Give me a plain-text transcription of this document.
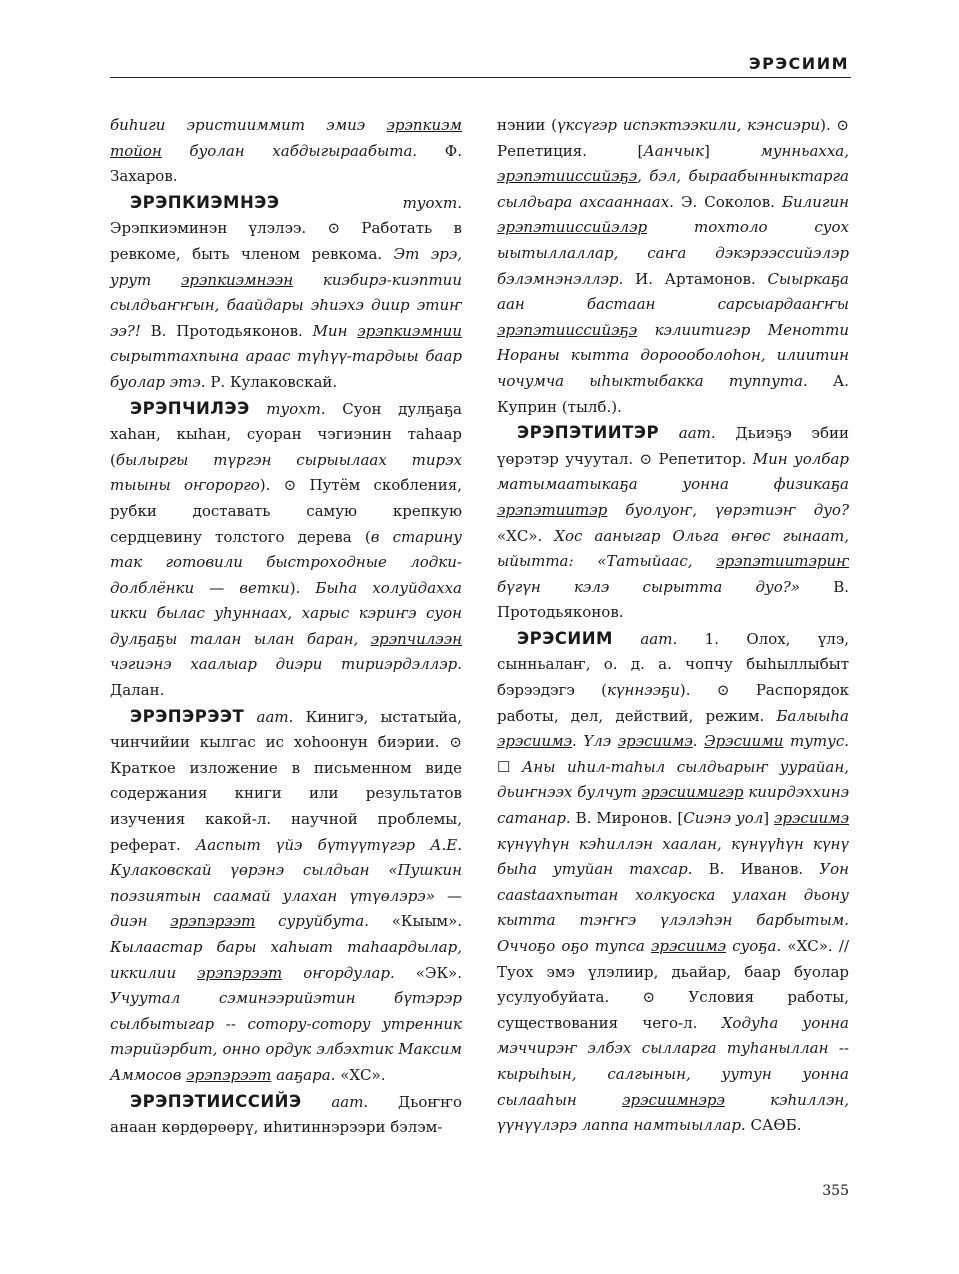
ЭРЭСИИМ

биhиги эристииммит эмиэ эрэпкиэм тойон буолан хабдыгыраабыта. Ф. Захаров.

ЭРЭПКИЭМНЭЭ туохт. Эрэпкиэминэн үлэлээ. ⊙ Работать в ревкоме, быть членом ревкома. Эт эрэ, урут эрэпкиэмнээн киэбирэ-киэптии сылдьаҥҥын, баайдары эhиэхэ диир этиҥ ээ?! В. Протодьяконов. Мин эрэпкиэмнии сырыттахпына араас түhүү-тардыы баар буолар этэ. Ρ. Кулаковскай.

ЭРЭПЧИЛЭЭ туохт. Суон дулҕаҕа хаhан, кыhан, суоран чэгиэнин таhаар (былыргы түргэн сырыылаах тирэх тыыны оҥорорго). ⊙ Путём скобления, рубки доставать самую крепкую сердцевину толстого дерева (в старину так готовили быстроходные лодки-долблёнки — ветки). Быhа холуйдахха икки былас уhуннаах, харыс кэриҥэ суон дулҕаҕы талан ылан баран, эрэпчилээн чэгиэнэ хаалыар диэри тириэрдэллэр. Далан.

ЭРЭПЭРЭЭТ аат. Кинигэ, ыстатыйа, чинчийии кылгас ис хоhоонун биэрии. ⊙ Краткое изложение в письменном виде содержания книги или результатов изучения какой-л. научной проблемы, реферат. Ааспыт үйэ бүтүүтүгэр А.Е. Кулаковскай үөрэнэ сылдьан «Пушкин поэзиятын саамай улахан үтүөлэрэ» — диэн эрэпэрээт суруйбута. «Кыым». Кылаастар бары хаhыат таhаардылар, иккилии эрэпэрээт оҥордулар. «ЭК». Учуутал сэминээрийэтин бүтэрэр сылбытыгар -- сотору-сотору утренник тэрийэрбит, онно ордук элбэхтик Максим Аммосов эрэпэрээт ааҕара. «ХС».

ЭРЭПЭТИИССИЙЭ аат. Дьоҥҥо анаан көрдөрөөрү, иhитиннэрээри бэлэм-

нэнии (үксүгэр испэктээкили, кэнсиэри). ⊙ Репетиция. [Аанчык] мунньахха, эрэпэтииссийэҕэ, бэл, быраабынныктарга сылдьара ахсааннаах. Э. Соколов. Билигин эрэпэтииссийэлэр тохтоло суох ыытыллаллар, саҥа дэкэрээссийэлэр бэлэмнэнэллэр. И. Артамонов. Сыыркаҕа аан бастаан сарсыардааҥҥы эрэпэтииссийэҕэ кэлиитигэр Менотти Нораны кытта дороооболоhон, илиитин чочумча ыhыктыбакка туппута. А. Куприн (тылб.).

ЭРЭПЭТИИТЭР аат. Дьиэҕэ эбии үөрэтэр учуутал. ⊙ Репетитор. Мин уолбар матымаатыкаҕа уонна физикаҕа эрэпэтиитэр буолуоҥ, үөрэтиэҥ дуо? «ХС». Хос ааныгар Ольга өҥөс гынаат, ыйытта: «Татыйаас, эрэпэтиитэриҥ бүгүн кэлэ сырытта дуо?» В. Протодьяконов.

ЭРЭСИИМ аат. 1. Олох, үлэ, сынньалаҥ, о. д. а. чопчу быhыллыбыт бэрээдэгэ (күннээҕи). ⊙ Распорядок работы, дел, действий, режим. Балыыhа эрэсиимэ. Үлэ эрэсиимэ. Эрэсиими тутус. ☐ Аны иhил-таhыл сылдьарыҥ уурайан, дьиҥнээх булчут эрэсиимигэр киирдэххинэ сатанар. В. Миронов. [Сиэнэ уол] эрэсиимэ күнүүhүн кэhиллэн хаалан, күнүүhүн күнү быhа утуйан тахсар. В. Иванов. Уон сааstaахпытан холкуоска улахан дьону кытта тэҥҥэ үлэлэhэн барбытым. Оччоҕо оҕо тупса эрэсиимэ суоҕа. «ХС». // Туох эмэ үлэлиир, дьайар, баар буолар усулуобуйата. ⊙ Условия работы, существования чего-л. Ходуhа уонна мэччирэҥ элбэх сылларга туhаныллан -- кырыhын, салгынын, уутун уонна сылааhын эрэсиимнэрэ кэhиллэн, үүнүүлэрэ лаппа намтыыллар. САӨБ.

355
